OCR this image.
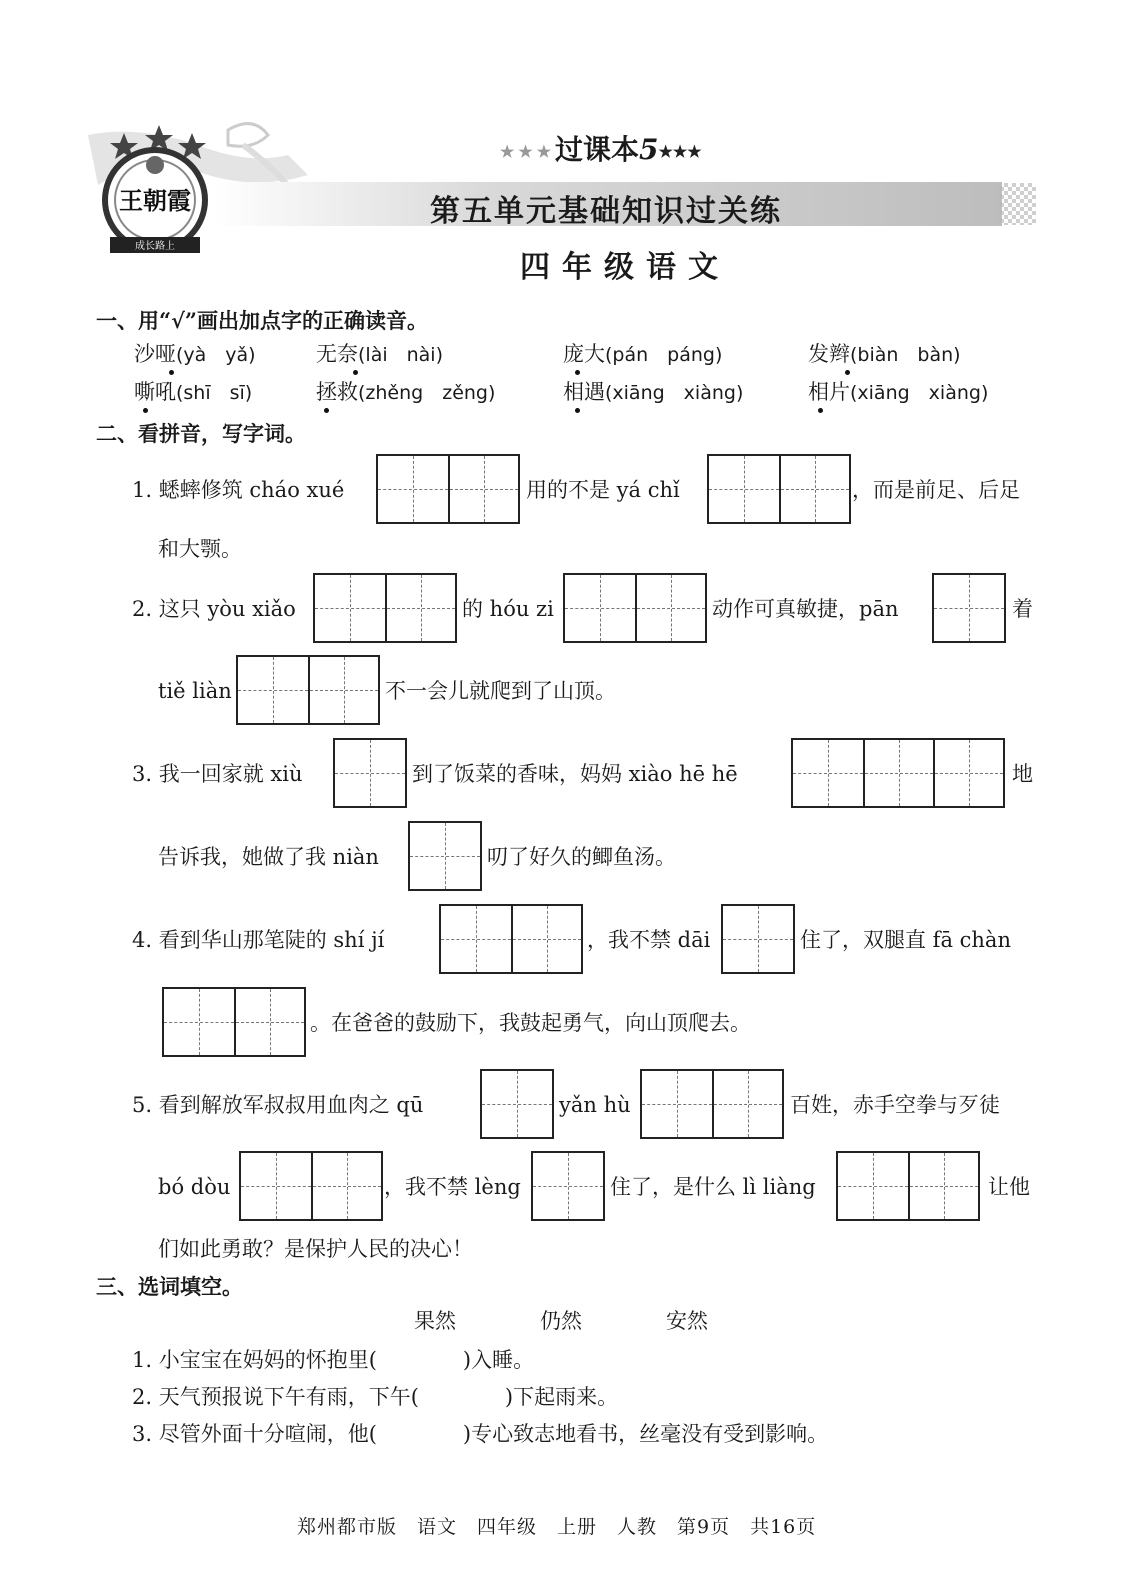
王朝霞
成长路上
★★★过课本5★★★
第五单元基础知识过关练
四年级语文
一、用“√”画出加点字的正确读音。
沙哑(yà　yǎ)	无奈(lài　nài)	庞大(pán　páng)	发辫(biàn　bàn)
嘶吼(shī　sī)	拯救(zhěng　zěng)	相遇(xiāng　xiàng)	相片(xiāng　xiàng)
二、看拼音，写字词。
1. 蟋蟀修筑 cháo xué	用的不是 yá chǐ	，而是前足、后足
和大颚。
2. 这只 yòu xiǎo	的 hóu zi	动作可真敏捷，pān	着
tiě liàn	不一会儿就爬到了山顶。
3. 我一回家就 xiù	到了饭菜的香味，妈妈 xiào hē hē	地
告诉我，她做了我 niàn	叨了好久的鲫鱼汤。
4. 看到华山那笔陡的 shí jí	，我不禁 dāi	住了，双腿直 fā chàn
。在爸爸的鼓励下，我鼓起勇气，向山顶爬去。
5. 看到解放军叔叔用血肉之 qū	yǎn hù	百姓，赤手空拳与歹徒
bó dòu	，我不禁 lèng	住了，是什么 lì liàng	让他
们如此勇敢？是保护人民的决心！
三、选词填空。
果然	仍然	安然
1. 小宝宝在妈妈的怀抱里(	)入睡。
2. 天气预报说下午有雨，下午(	)下起雨来。
3. 尽管外面十分喧闹，他(	)专心致志地看书，丝毫没有受到影响。
郑州都市版　语文　四年级　上册　人教　第9页　共16页
